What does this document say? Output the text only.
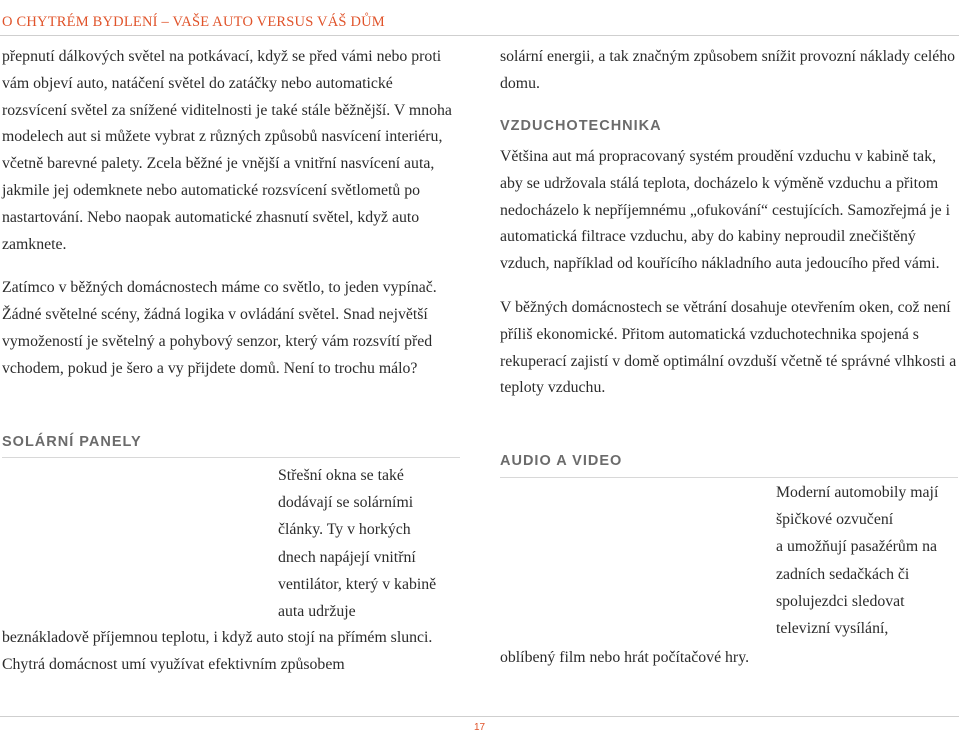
O CHYTRÉM BYDLENÍ – VAŠE AUTO VERSUS VÁŠ DŮM

přepnutí dálkových světel na potkávací, když se před vámi nebo proti vám objeví auto, natáčení světel do zatáčky nebo automatické rozsvícení světel za snížené viditelnosti je také stále běžnější. V mnoha modelech aut si můžete vybrat z různých způsobů nasvícení interiéru, včetně barevné palety. Zcela běžné je vnější a vnitřní nasvícení auta, jakmile jej odemknete nebo automatické rozsvícení světlometů po nastartování. Nebo naopak automatické zhasnutí světel, když auto zamknete.

Zatímco v běžných domácnostech máme co světlo, to jeden vypínač. Žádné světelné scény, žádná logika v ovládání světel. Snad největší vymožeností je světelný a pohybový senzor, který vám rozsvítí před vchodem, pokud je šero a vy přijdete domů. Není to trochu málo?

SOLÁRNÍ PANELY
Střešní okna se také
dodávají se solárními
články. Ty v horkých
dnech napájejí vnitřní
ventilátor, který v kabině
auta udržuje
beznákladově příjemnou teplotu, i když auto stojí na přímém slunci. Chytrá domácnost umí využívat efektivním způsobem

solární energii, a tak značným způsobem snížit provozní náklady celého domu.

VZDUCHOTECHNIKA

Většina aut má propracovaný systém proudění vzduchu v kabině tak, aby se udržovala stálá teplota, docházelo k výměně vzduchu a přitom nedocházelo k nepříjemnému „ofukování“ cestujících. Samozřejmá je i automatická filtrace vzduchu, aby do kabiny neproudil znečištěný vzduch, například od kouřícího nákladního auta jedoucího před vámi.

V běžných domácnostech se větrání dosahuje otevřením oken, což není příliš ekonomické. Přitom automatická vzduchotechnika spojená s rekuperací zajistí v domě optimální ovzduší včetně té správné vlhkosti a teploty vzduchu.

AUDIO A VIDEO
Moderní automobily mají
špičkové ozvučení
a umožňují pasažérům na
zadních sedačkách či
spolujezdci sledovat
televizní vysílání,
oblíbený film nebo hrát počítačové hry.
17
